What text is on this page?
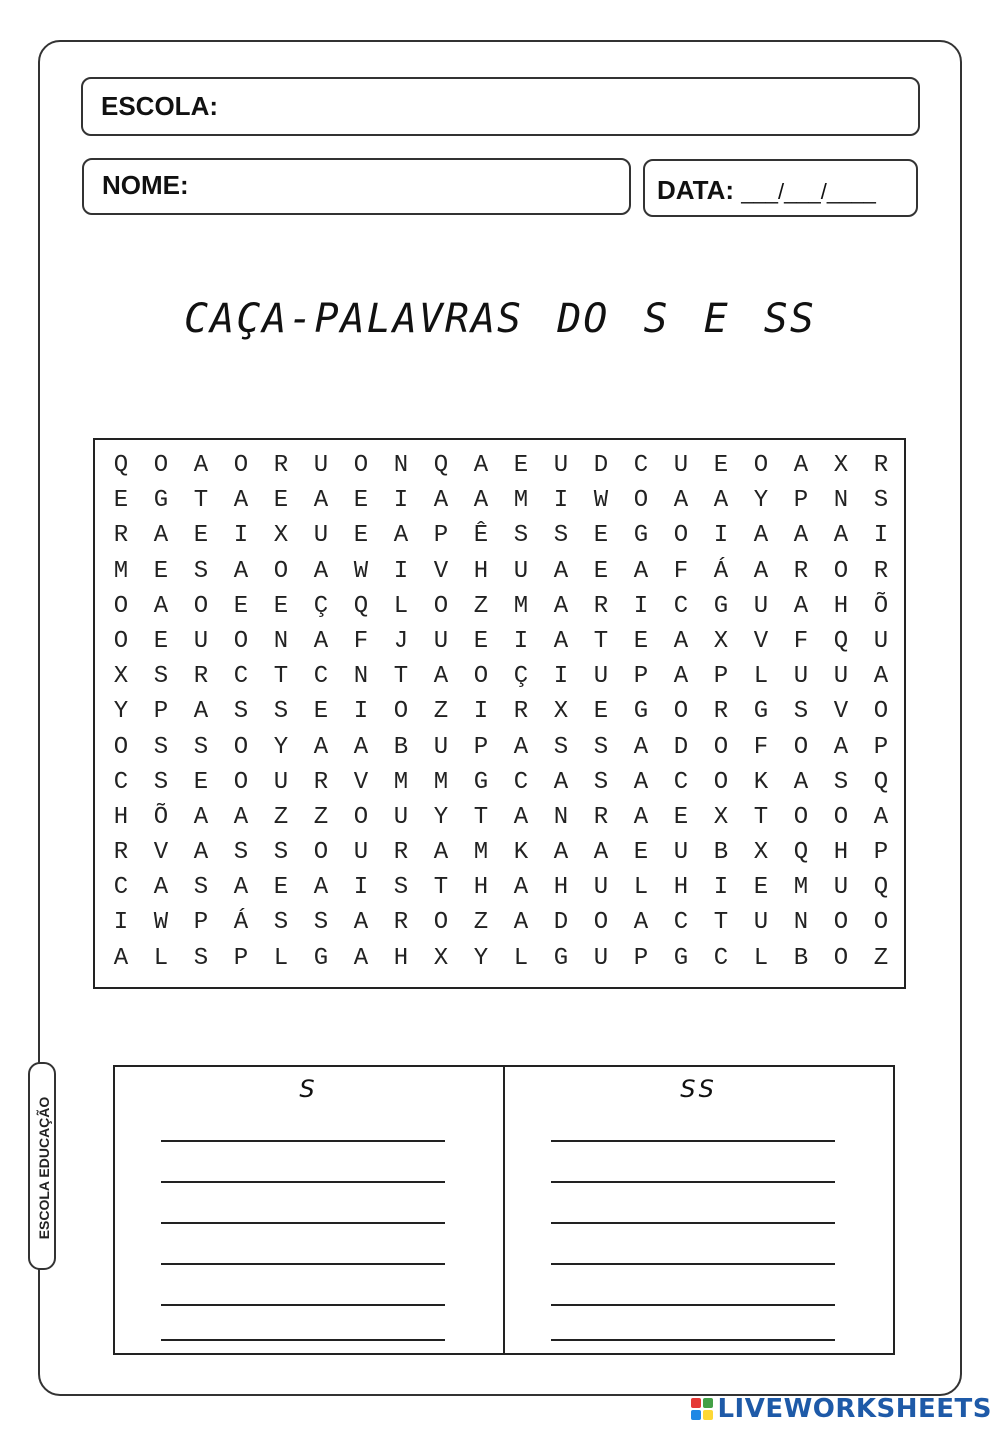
ESCOLA:
NOME:	DATA: ___/___/____
CAÇA-PALAVRAS DO S E SS
Q	O	A	O	R	U	O	N	Q	A	E	U	D	C	U	E	O	A	X	R
E	G	T	A	E	A	E	I	A	A	M	I	W	O	A	A	Y	P	N	S
R	A	E	I	X	U	E	A	P	Ê	S	S	E	G	O	I	A	A	A	I
M	E	S	A	O	A	W	I	V	H	U	A	E	A	F	Á	A	R	O	R
O	A	O	E	E	Ç	Q	L	O	Z	M	A	R	I	C	G	U	A	H	Õ
O	E	U	O	N	A	F	J	U	E	I	A	T	E	A	X	V	F	Q	U
X	S	R	C	T	C	N	T	A	O	Ç	I	U	P	A	P	L	U	U	A
Y	P	A	S	S	E	I	O	Z	I	R	X	E	G	O	R	G	S	V	O
O	S	S	O	Y	A	A	B	U	P	A	S	S	A	D	O	F	O	A	P
C	S	E	O	U	R	V	M	M	G	C	A	S	A	C	O	K	A	S	Q
H	Õ	A	A	Z	Z	O	U	Y	T	A	N	R	A	E	X	T	O	O	A
R	V	A	S	S	O	U	R	A	M	K	A	A	E	U	B	X	Q	H	P
C	A	S	A	E	A	I	S	T	H	A	H	U	L	H	I	E	M	U	Q
I	W	P	Á	S	S	A	R	O	Z	A	D	O	A	C	T	U	N	O	O
A	L	S	P	L	G	A	H	X	Y	L	G	U	P	G	C	L	B	O	Z
S	SS
ESCOLA EDUCAÇÃO
LIVEWORKSHEETS
